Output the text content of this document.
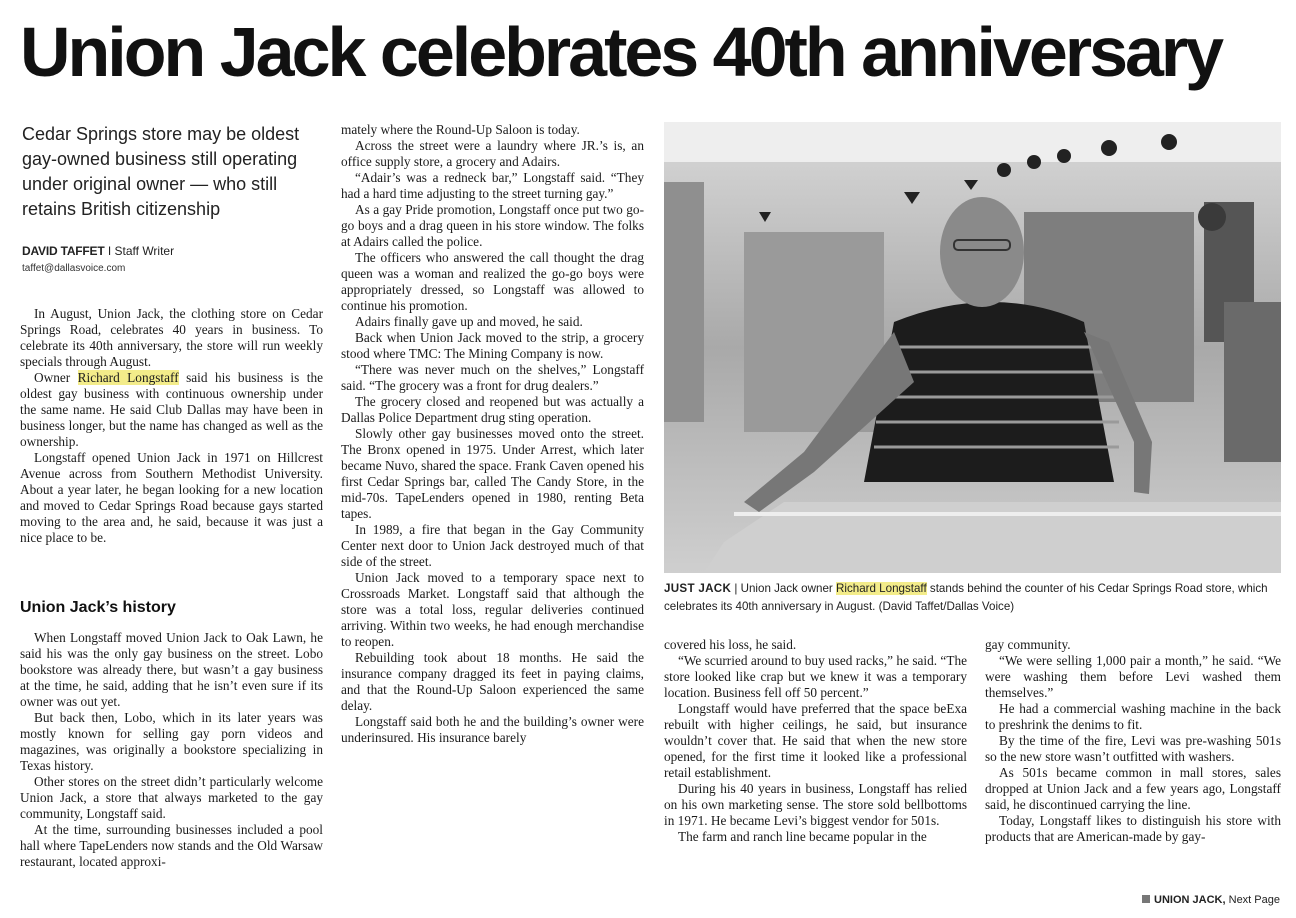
Union Jack celebrates 40th anniversary

Cedar Springs store may be oldest gay-owned business still operating under original owner — who still retains British citizenship

DAVID TAFFET I Staff Writer
taffet@dallasvoice.com

In August, Union Jack, the clothing store on Cedar Springs Road, celebrates 40 years in business. To celebrate its 40th anniversary, the store will run weekly specials through August.

Owner Richard Longstaff said his business is the oldest gay business with continuous ownership under the same name. He said Club Dallas may have been in business longer, but the name has changed as well as the ownership.

Longstaff opened Union Jack in 1971 on Hillcrest Avenue across from Southern Methodist University. About a year later, he began looking for a new location and moved to Cedar Springs Road because gays started moving to the area and, he said, because it was just a nice place to be.

Union Jack’s history

When Longstaff moved Union Jack to Oak Lawn, he said his was the only gay business on the street. Lobo bookstore was already there, but wasn’t a gay business at the time, he said, adding that he isn’t even sure if its owner was out yet.

But back then, Lobo, which in its later years was mostly known for selling gay porn videos and magazines, was originally a bookstore specializing in Texas history.

Other stores on the street didn’t particularly welcome Union Jack, a store that always marketed to the gay community, Longstaff said.

At the time, surrounding businesses included a pool hall where TapeLenders now stands and the Old Warsaw restaurant, located approxi-

mately where the Round-Up Saloon is today.

Across the street were a laundry where JR.’s is, an office supply store, a grocery and Adairs.

“Adair’s was a redneck bar,” Longstaff said. “They had a hard time adjusting to the street turning gay.”

As a gay Pride promotion, Longstaff once put two go-go boys and a drag queen in his store window. The folks at Adairs called the police.

The officers who answered the call thought the drag queen was a woman and realized the go-go boys were appropriately dressed, so Longstaff was allowed to continue his promotion.

Adairs finally gave up and moved, he said.

Back when Union Jack moved to the strip, a grocery stood where TMC: The Mining Company is now.

“There was never much on the shelves,” Longstaff said. “The grocery was a front for drug dealers.”

The grocery closed and reopened but was actually a Dallas Police Department drug sting operation.

Slowly other gay businesses moved onto the street. The Bronx opened in 1975. Under Arrest, which later became Nuvo, shared the space. Frank Caven opened his first Cedar Springs bar, called The Candy Store, in the mid-70s. TapeLenders opened in 1980, renting Beta tapes.

In 1989, a fire that began in the Gay Community Center next door to Union Jack destroyed much of that side of the street.

Union Jack moved to a temporary space next to Crossroads Market. Longstaff said that although the store was a total loss, regular deliveries continued arriving. Within two weeks, he had enough merchandise to reopen.

Rebuilding took about 18 months. He said the insurance company dragged its feet in paying claims, and that the Round-Up Saloon experienced the same delay.

Longstaff said both he and the building’s owner were underinsured. His insurance barely

JUST JACK | Union Jack owner Richard Longstaff stands behind the counter of his Cedar Springs Road store, which celebrates its 40th anniversary in August. (David Taffet/Dallas Voice)

covered his loss, he said.

“We scurried around to buy used racks,” he said. “The store looked like crap but we knew it was a temporary location. Business fell off 50 percent.”

Longstaff would have preferred that the space beExa rebuilt with higher ceilings, he said, but insurance wouldn’t cover that. He said that when the new store opened, for the first time it looked like a professional retail establishment.

During his 40 years in business, Longstaff has relied on his own marketing sense. The store sold bellbottoms in 1971. He became Levi’s biggest vendor for 501s.

The farm and ranch line became popular in the

gay community.

“We were selling 1,000 pair a month,” he said. “We were washing them before Levi washed them themselves.”

He had a commercial washing machine in the back to preshrink the denims to fit.

By the time of the fire, Levi was pre-washing 501s so the new store wasn’t outfitted with washers.

As 501s became common in mall stores, sales dropped at Union Jack and a few years ago, Longstaff said, he discontinued carrying the line.

Today, Longstaff likes to distinguish his store with products that are American-made by gay-

UNION JACK, Next Page
